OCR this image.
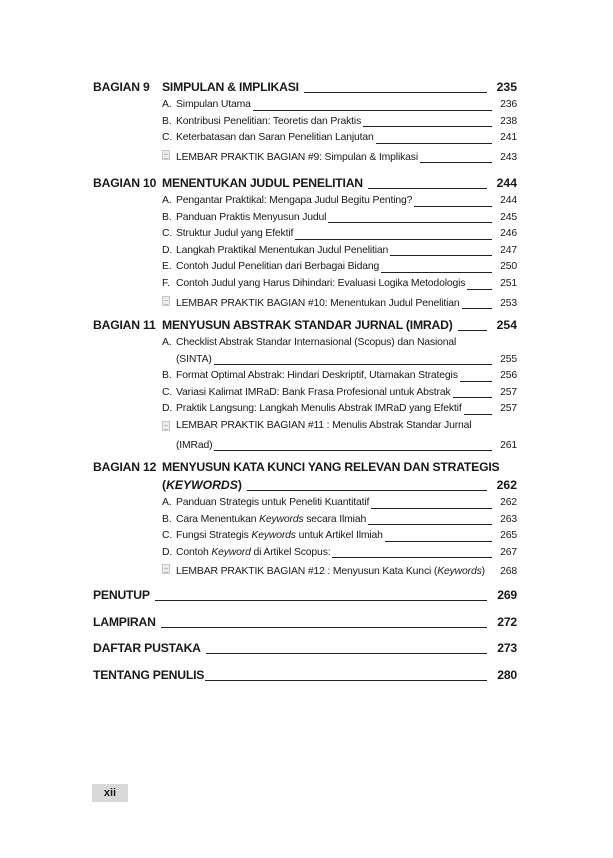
BAGIAN 9	SIMPULAN & IMPLIKASI	235
A. Simpulan Utama	236
B. Kontribusi Penelitian: Teoretis dan Praktis	238
C. Keterbatasan dan Saran Penelitian Lanjutan	241
LEMBAR PRAKTIK BAGIAN #9: Simpulan & Implikasi	243
BAGIAN 10 MENENTUKAN JUDUL PENELITIAN	244
A. Pengantar Praktikal: Mengapa Judul Begitu Penting?	244
B. Panduan Praktis Menyusun Judul	245
C. Struktur Judul yang Efektif	246
D. Langkah Praktikal Menentukan Judul Penelitian	247
E. Contoh Judul Penelitian dari Berbagai Bidang	250
F. Contoh Judul yang Harus Dihindari: Evaluasi Logika Metodologis	251
LEMBAR PRAKTIK BAGIAN #10: Menentukan Judul Penelitian	253
BAGIAN 11 MENYUSUN ABSTRAK STANDAR JURNAL (IMRAD)	254
A. Checklist Abstrak Standar Internasional (Scopus) dan Nasional
(SINTA)	255
B. Format Optimal Abstrak: Hindari Deskriptif, Utamakan Strategis	256
C. Variasi Kalimat IMRaD: Bank Frasa Profesional untuk Abstrak	257
D. Praktik Langsung: Langkah Menulis Abstrak IMRaD yang Efektif	257
LEMBAR PRAKTIK BAGIAN #11 : Menulis Abstrak Standar Jurnal
(IMRad)	261
BAGIAN 12 MENYUSUN KATA KUNCI YANG RELEVAN DAN STRATEGIS
(KEYWORDS)	262
A. Panduan Strategis untuk Peneliti Kuantitatif	262
B. Cara Menentukan Keywords secara Ilmiah	263
C. Fungsi Strategis Keywords untuk Artikel Ilmiah	265
D. Contoh Keyword di Artikel Scopus:	267
LEMBAR PRAKTIK BAGIAN #12 : Menyusun Kata Kunci (Keywords)	268
PENUTUP	269
LAMPIRAN	272
DAFTAR PUSTAKA	273
TENTANG PENULIS	280
xii
